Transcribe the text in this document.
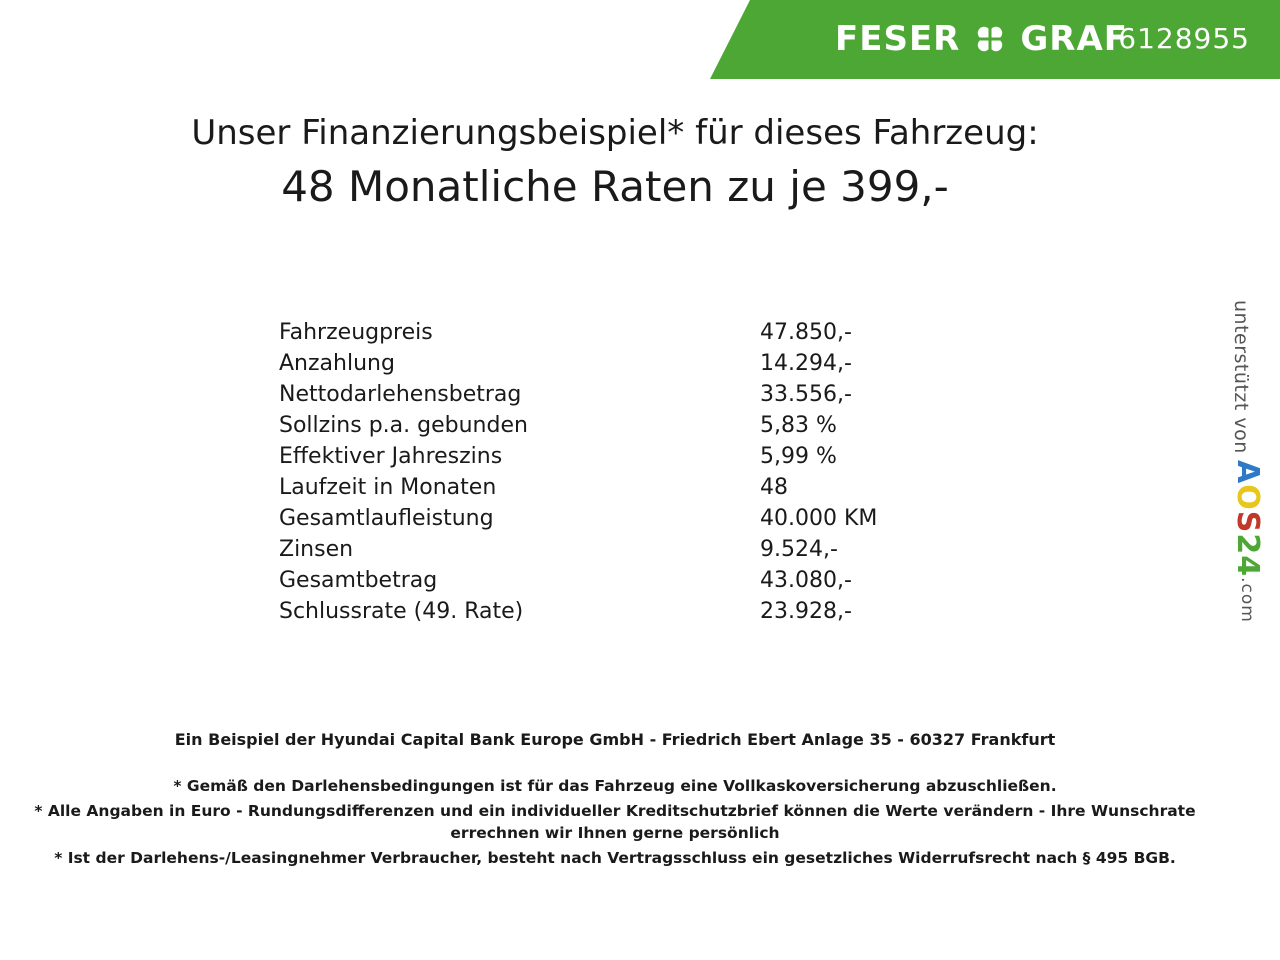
FESER GRAF
6128955
Unser Finanzierungsbeispiel* für dieses Fahrzeug:
48 Monatliche Raten zu je 399,-
Fahrzeugpreis	47.850,-
Anzahlung	14.294,-
Nettodarlehensbetrag	33.556,-
Sollzins p.a. gebunden	5,83 %
Effektiver Jahreszins	5,99 %
Laufzeit in Monaten	48
Gesamtlaufleistung	40.000 KM
Zinsen	9.524,-
Gesamtbetrag	43.080,-
Schlussrate (49. Rate)	23.928,-
Ein Beispiel der Hyundai Capital Bank Europe GmbH - Friedrich Ebert Anlage 35 - 60327 Frankfurt
* Gemäß den Darlehensbedingungen ist für das Fahrzeug eine Vollkaskoversicherung abzuschließen.
* Alle Angaben in Euro - Rundungsdifferenzen und ein individueller Kreditschutzbrief können die Werte verändern - Ihre Wunschrate errechnen wir Ihnen gerne persönlich
* Ist der Darlehens-/Leasingnehmer Verbraucher, besteht nach Vertragsschluss ein gesetzliches Widerrufsrecht nach § 495 BGB.
unterstützt von
AOS24.com
